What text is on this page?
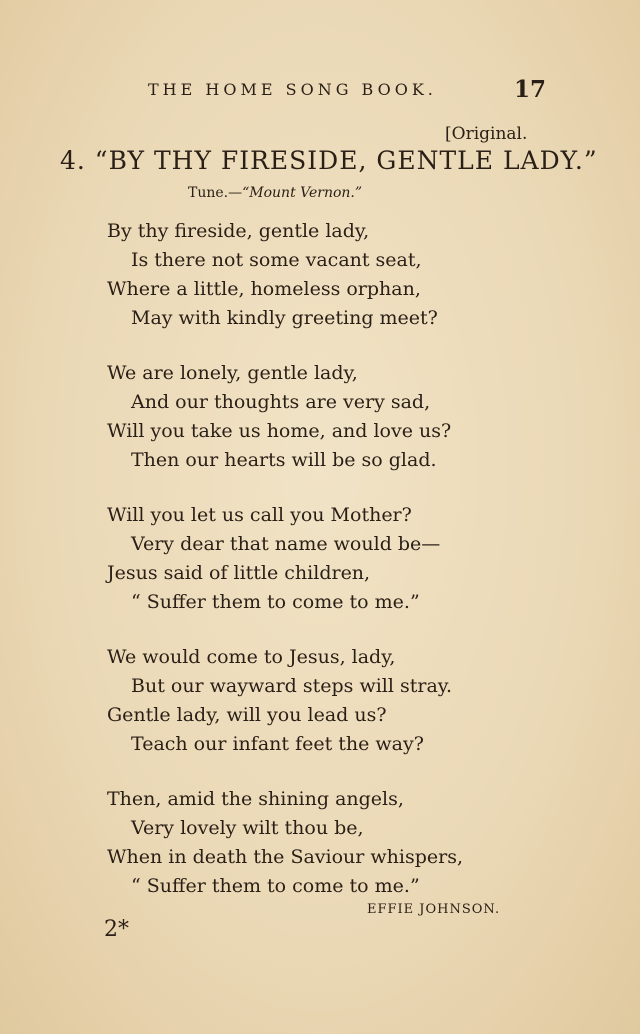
THE HOME SONG BOOK.	17
[Original.
4. “BY THY FIRESIDE, GENTLE LADY.”
Tune.—“Mount Vernon.”
By thy fireside, gentle lady,
Is there not some vacant seat,
Where a little, homeless orphan,
May with kindly greeting meet?
We are lonely, gentle lady,
And our thoughts are very sad,
Will you take us home, and love us?
Then our hearts will be so glad.
Will you let us call you Mother?
Very dear that name would be—
Jesus said of little children,
“ Suffer them to come to me.”
We would come to Jesus, lady,
But our wayward steps will stray.
Gentle lady, will you lead us?
Teach our infant feet the way?
Then, amid the shining angels,
Very lovely wilt thou be,
When in death the Saviour whispers,
“ Suffer them to come to me.”
EFFIE JOHNSON.
2*
